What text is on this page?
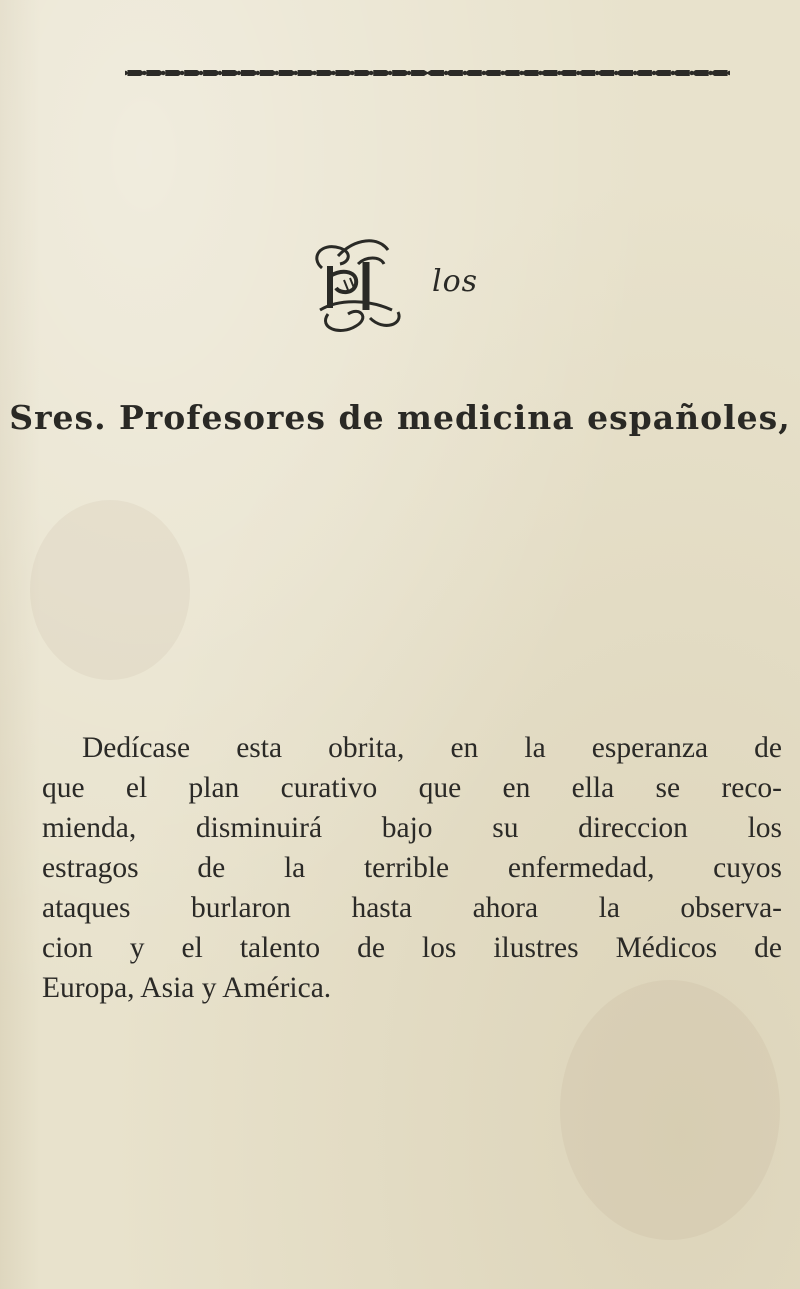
los
Sres. Profesores de medicina españoles,
Dedícase esta obrita, en la esperanza de
que el plan curativo que en ella se reco-
mienda, disminuirá bajo su direccion los
estragos de la terrible enfermedad, cuyos
ataques burlaron hasta ahora la observa-
cion y el talento de los ilustres Médicos de
Europa, Asia y América.
